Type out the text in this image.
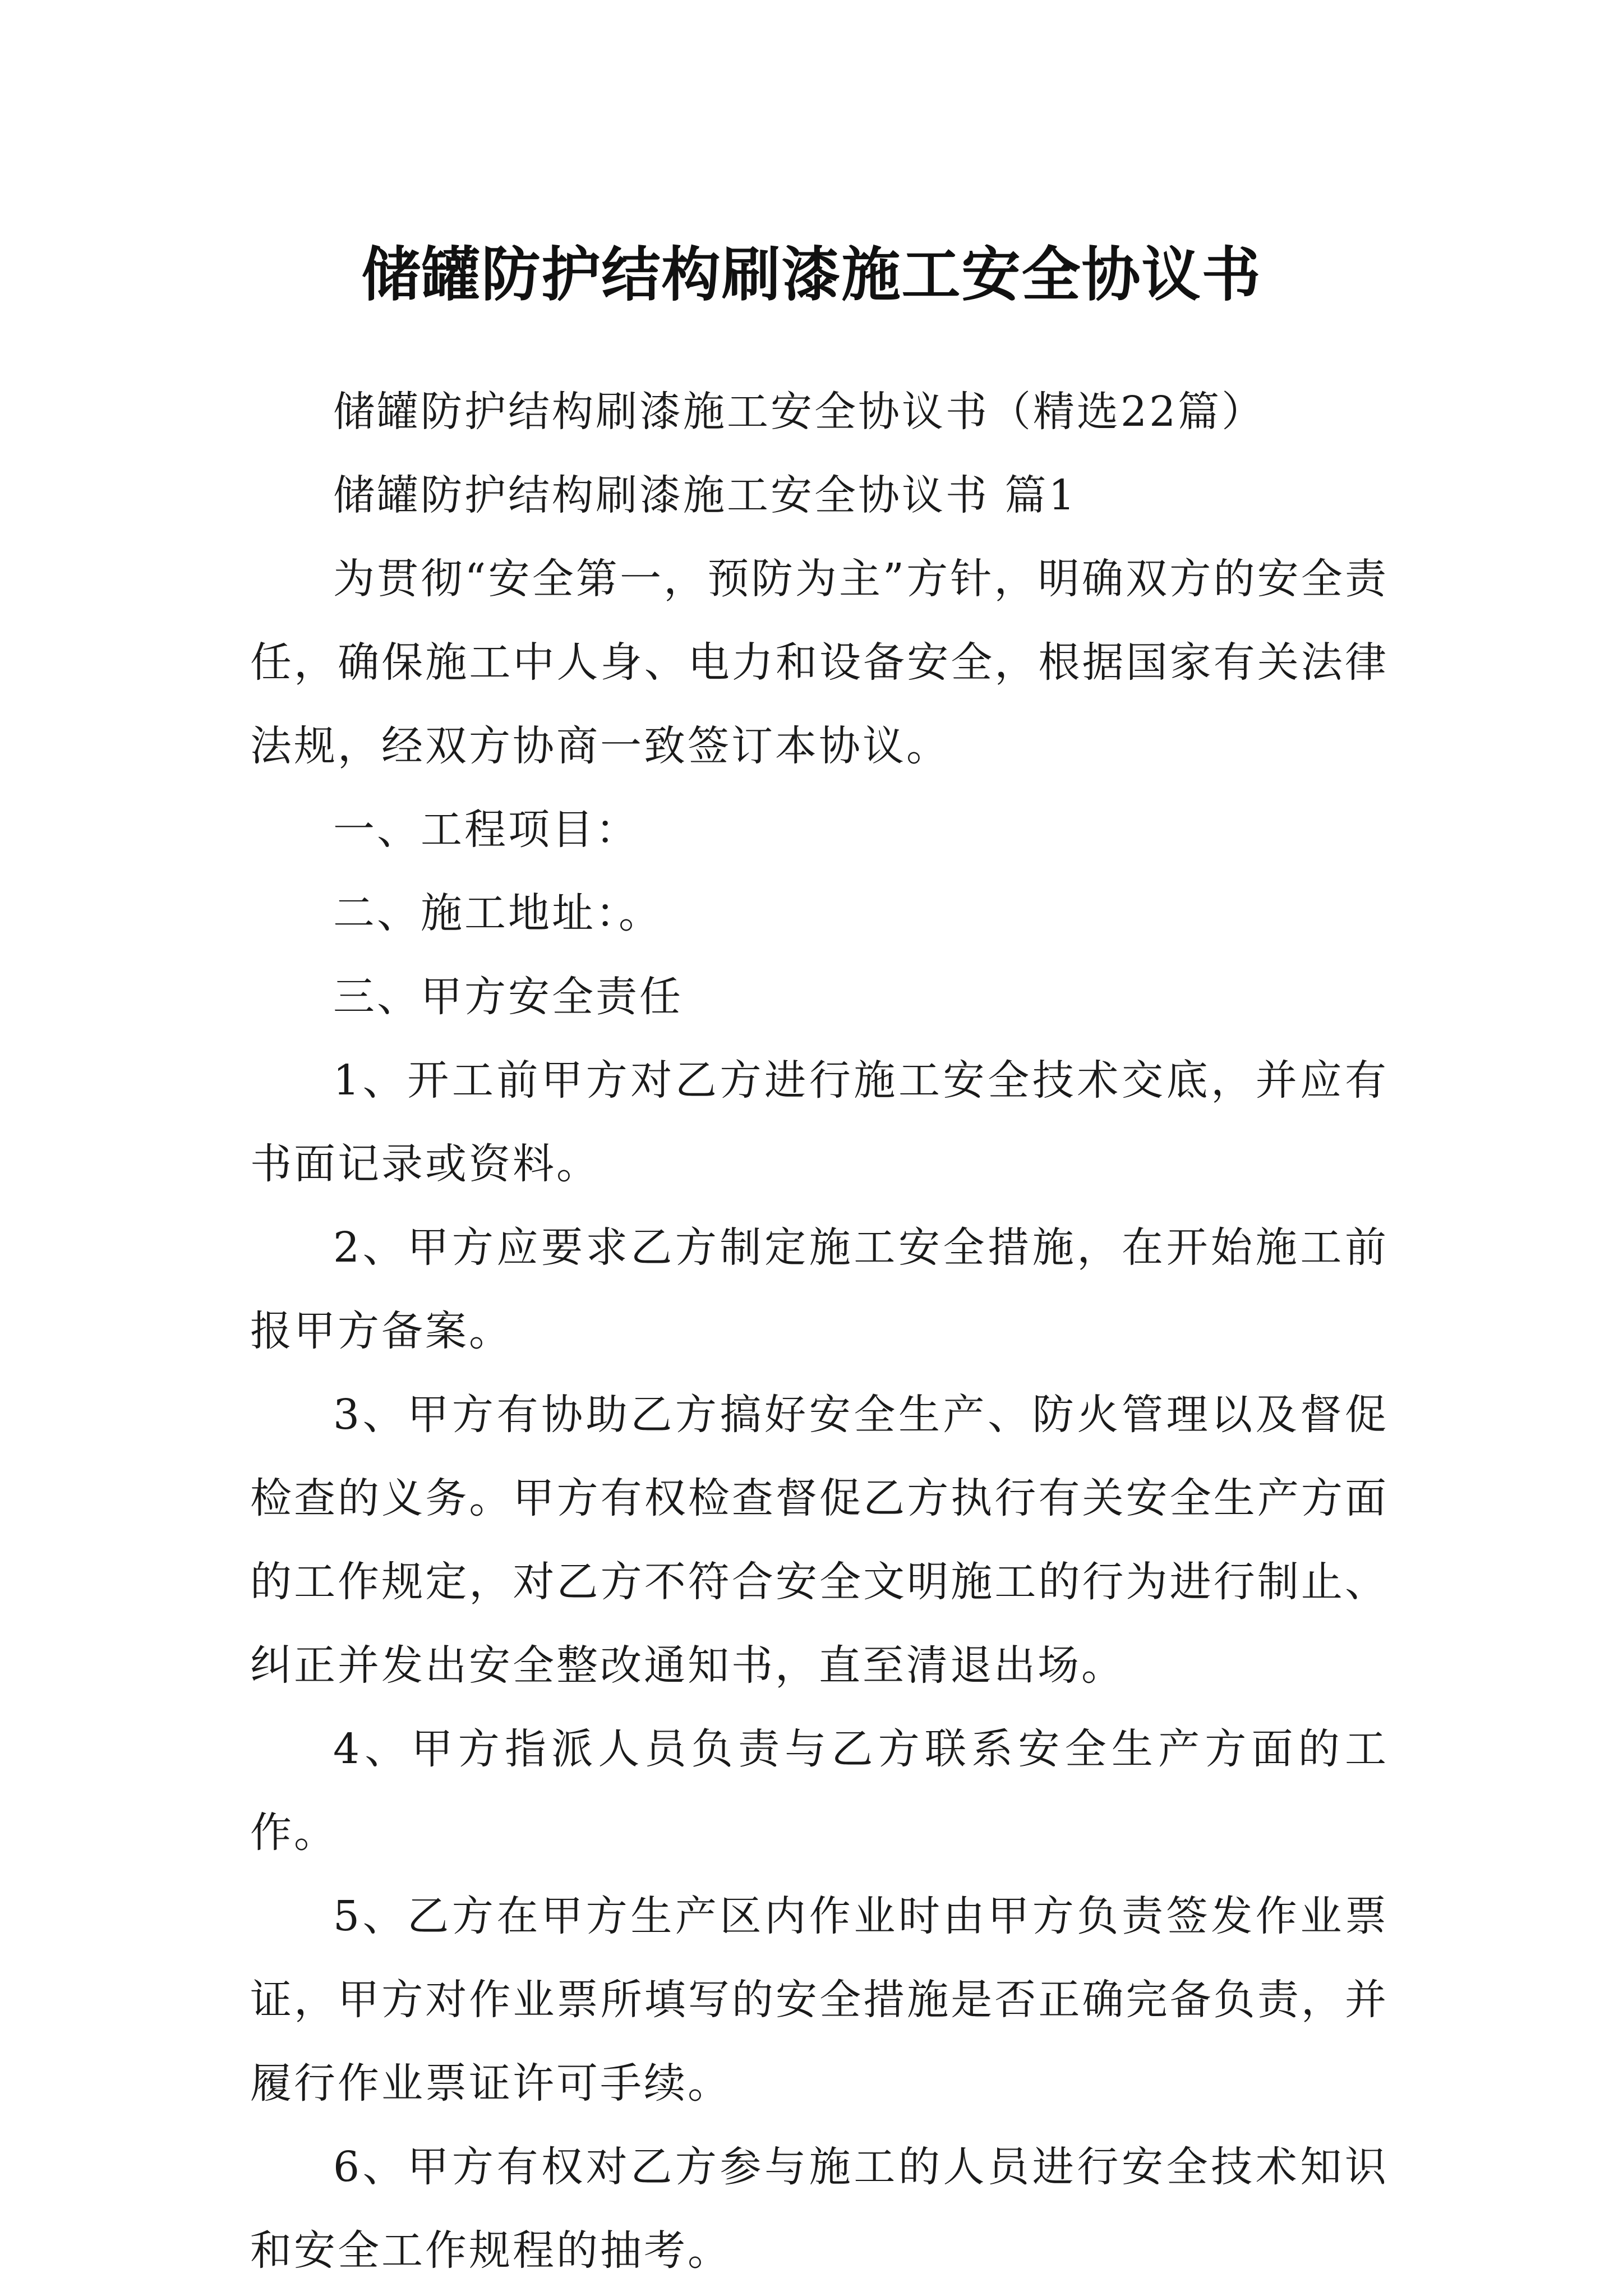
储罐防护结构刷漆施工安全协议书

储罐防护结构刷漆施工安全协议书（精选22篇）

储罐防护结构刷漆施工安全协议书 篇1

为贯彻“安全第一，预防为主”方针，明确双方的安全责任，确保施工中人身、电力和设备安全，根据国家有关法律法规，经双方协商一致签订本协议。

一、工程项目：

二、施工地址：。

三、甲方安全责任

1、开工前甲方对乙方进行施工安全技术交底，并应有书面记录或资料。

2、甲方应要求乙方制定施工安全措施，在开始施工前报甲方备案。

3、甲方有协助乙方搞好安全生产、防火管理以及督促检查的义务。甲方有权检查督促乙方执行有关安全生产方面的工作规定，对乙方不符合安全文明施工的行为进行制止、纠正并发出安全整改通知书，直至清退出场。

4、甲方指派人员负责与乙方联系安全生产方面的工作。

5、乙方在甲方生产区内作业时由甲方负责签发作业票证，甲方对作业票所填写的安全措施是否正确完备负责，并履行作业票证许可手续。

6、甲方有权对乙方参与施工的人员进行安全技术知识和安全工作规程的抽考。
